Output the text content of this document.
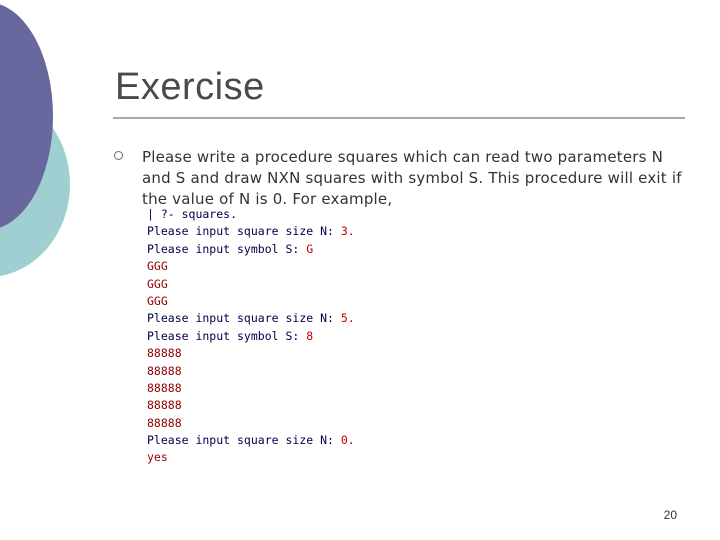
Exercise

Please write a procedure squares which can read two parameters N and S and draw NXN squares with symbol S. This procedure will exit if the value of N is 0. For example,

| ?- squares.
Please input square size N: 3.
Please input symbol S: G
GGG
GGG
GGG
Please input square size N: 5.
Please input symbol S: 8
88888
88888
88888
88888
88888
Please input square size N: 0.
yes
20
